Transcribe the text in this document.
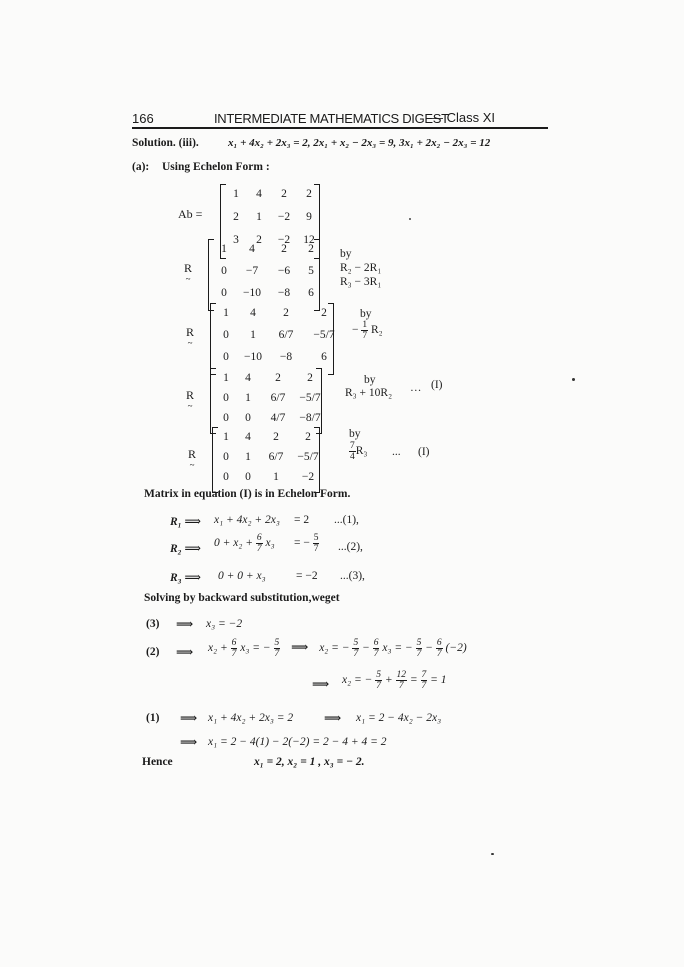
166	INTERMEDIATE MATHEMATICS DIGEST
— Class XI
Solution. (iii).	x₁ + 4x₂ + 2x₃ = 2, 2x₁ + x₂ − 2x₃ = 9, 3x₁ + 2x₂ − 2x₃ = 12
(a): Using Echelon Form :
Ab =
1	4	2	2
2	1	−2	9
3	2	−2	12
1	4	2	2
0	−7	−6	5
0	−10	−8	6
R
~
1	4	2	2
0	1	6/7	−5/7
0	−10	−8	6
R
~
1	4	2	2
0	1	6/7	−5/7
0	0	4/7	−8/7
R
~
1	4	2	2
0	1	6/7	−5/7
0	0	1	−2
R
~
by
R₂ − 2R₁
R₃ − 3R₁
by
− $\frac{1}{7} R_2$
by
R₃ + 10R₂ ··· (I)
by
$\frac{7}{4} R_3$ ... (I)
Matrix in equation (I) is in Echelon Form.
R₁ ⟹ x₁ + 4x₂ + 2x₃ = 2 ...(1),
R₂ ⟹ $0 + x_2 + \frac{6}{7} x_3$ = − $\frac{5}{7} ...(2)$,
R₃ ⟹ 0 + 0 + x₃	= −2 ...(3),
Solving by backward substitution,weget
(3) ⟹ x₃ = −2
(2) ⟹ $x_2 + \frac{6}{7} x_3$ = − $\frac{5}{7}$ ⟹ x₂ = − $\frac{5}{7} - \frac{6}{7} x_3$ = − $\frac{5}{7} - \frac{6}{7} (-2)$
⟹ x₂ = − $\frac{5}{7} + \frac{12}{7} = \frac{7}{7} = 1$
(1) ⟹ x₁ + 4x₂ + 2x₃ = 2	⟹ x₁ = 2 − 4x₂ − 2x₃
⟹ x₁ = 2 − 4(1) − 2(−2) = 2 − 4 + 4 = 2
Hence	x₁ = 2, x₂ = 1 , x₃ = − 2.
